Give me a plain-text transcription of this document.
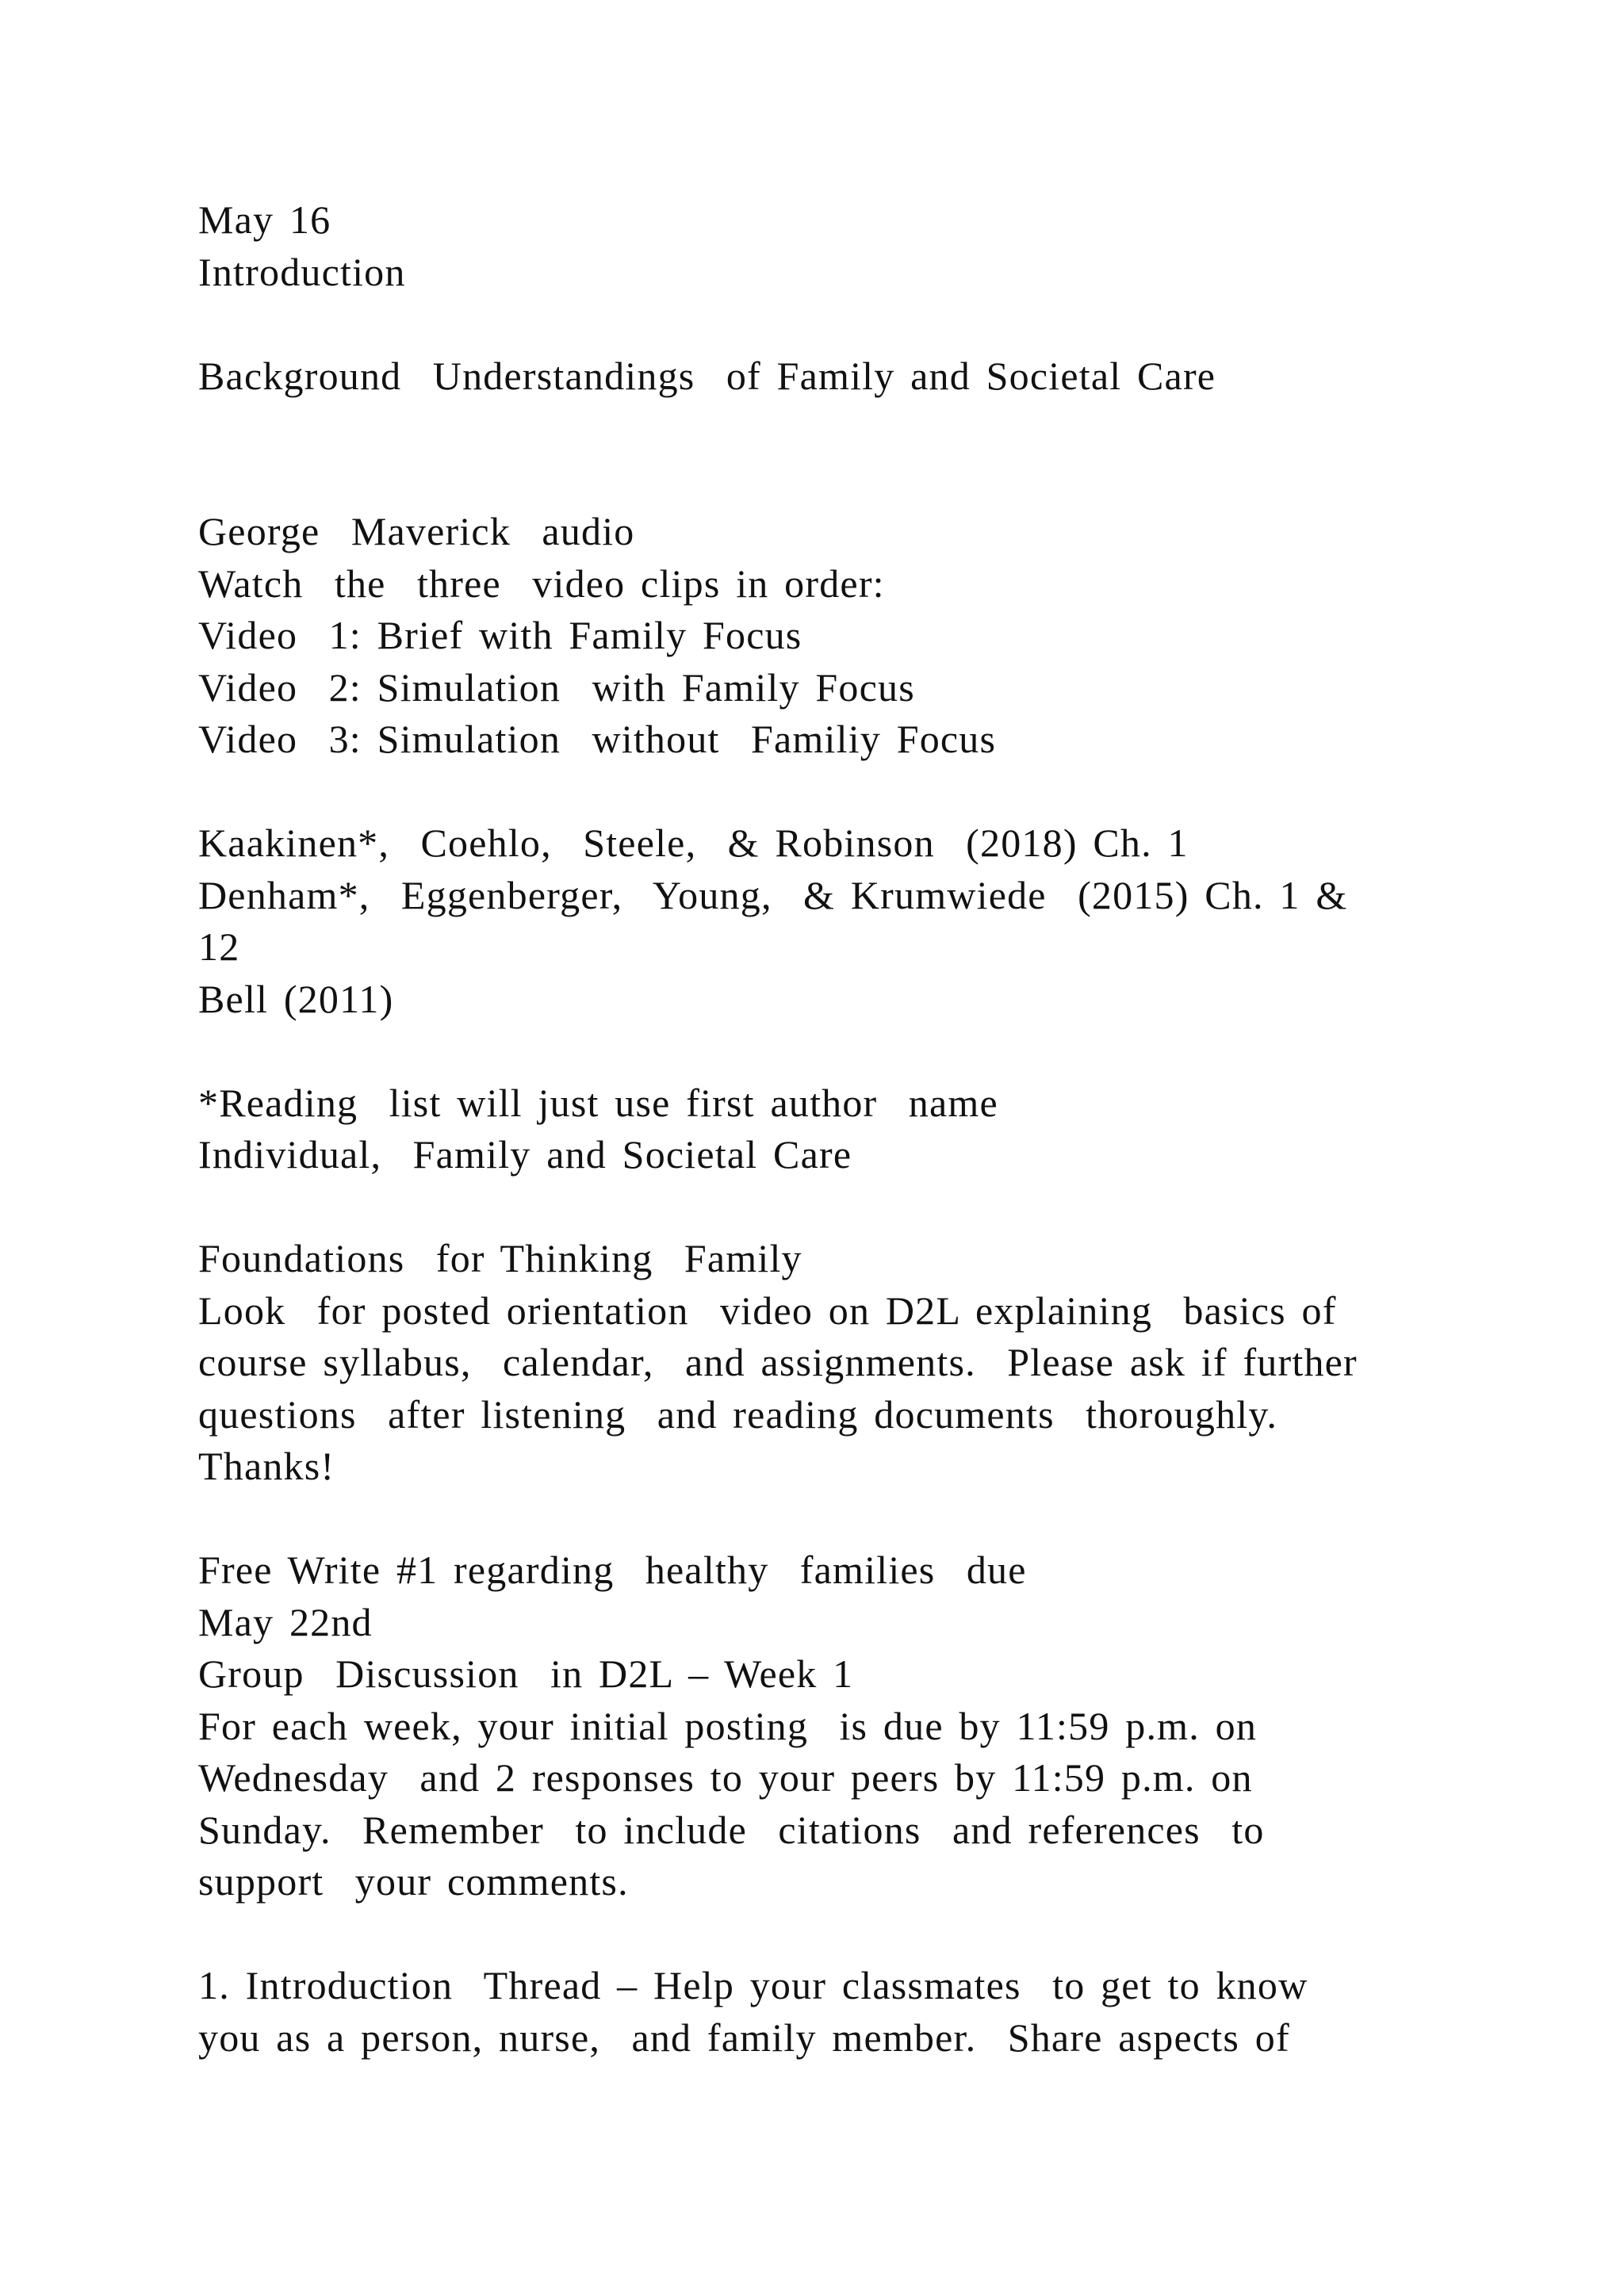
May 16
Introduction
Background  Understandings  of Family and Societal Care
George  Maverick  audio
Watch  the  three  video clips in order:
Video  1: Brief with Family Focus
Video  2: Simulation  with Family Focus
Video  3: Simulation  without  Familiy Focus
Kaakinen*,  Coehlo,  Steele,  & Robinson  (2018) Ch. 1
Denham*,  Eggenberger,  Young,  & Krumwiede  (2015) Ch. 1 &
12
Bell (2011)
*Reading  list will just use first author  name
Individual,  Family and Societal Care
Foundations  for Thinking  Family
Look  for posted orientation  video on D2L explaining  basics of
course syllabus,  calendar,  and assignments.  Please ask if further
questions  after listening  and reading documents  thoroughly.
Thanks!
Free Write #1 regarding  healthy  families  due
May 22nd
Group  Discussion  in D2L – Week 1
For each week, your initial posting  is due by 11:59 p.m. on
Wednesday  and 2 responses to your peers by 11:59 p.m. on
Sunday.  Remember  to include  citations  and references  to
support  your comments.
1. Introduction  Thread – Help your classmates  to get to know
you as a person, nurse,  and family member.  Share aspects of
